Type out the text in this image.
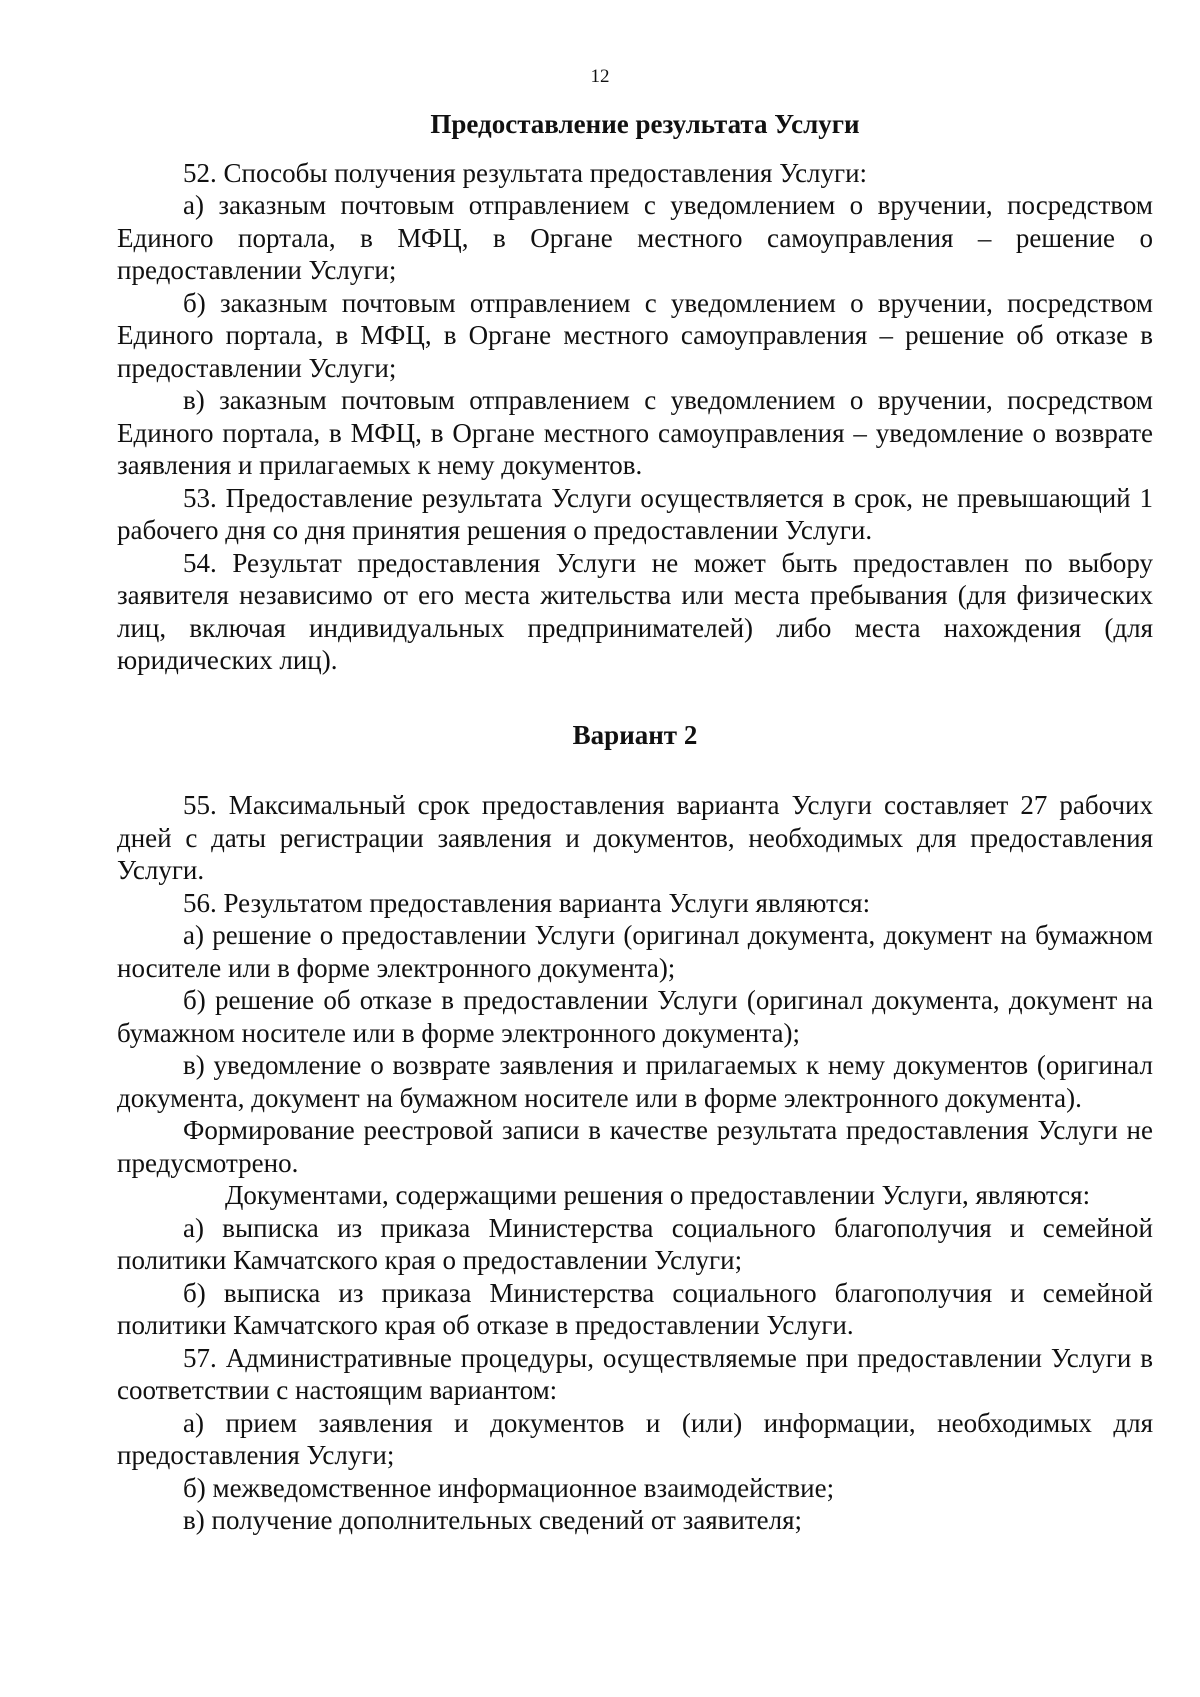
12
Предоставление результата Услуги

52. Способы получения результата предоставления Услуги:

а) заказным почтовым отправлением с уведомлением о вручении, посредством Единого портала, в МФЦ, в Органе местного самоуправления – решение о предоставлении Услуги;

б) заказным почтовым отправлением с уведомлением о вручении, посредством Единого портала, в МФЦ, в Органе местного самоуправления – решение об отказе в предоставлении Услуги;

в) заказным почтовым отправлением с уведомлением о вручении, посредством Единого портала, в МФЦ, в Органе местного самоуправления – уведомление о возврате заявления и прилагаемых к нему документов.

53. Предоставление результата Услуги осуществляется в срок, не превышающий 1 рабочего дня со дня принятия решения о предоставлении Услуги.

54. Результат предоставления Услуги не может быть предоставлен по выбору заявителя независимо от его места жительства или места пребывания (для физических лиц, включая индивидуальных предпринимателей) либо места нахождения (для юридических лиц).

Вариант 2

55. Максимальный срок предоставления варианта Услуги составляет 27 рабочих дней с даты регистрации заявления и документов, необходимых для предоставления Услуги.

56. Результатом предоставления варианта Услуги являются:

а) решение о предоставлении Услуги (оригинал документа, документ на бумажном носителе или в форме электронного документа);

б) решение об отказе в предоставлении Услуги (оригинал документа, документ на бумажном носителе или в форме электронного документа);

в) уведомление о возврате заявления и прилагаемых к нему документов (оригинал документа, документ на бумажном носителе или в форме электронного документа).

Формирование реестровой записи в качестве результата предоставления Услуги не предусмотрено.

Документами, содержащими решения о предоставлении Услуги, являются:

а) выписка из приказа Министерства социального благополучия и семейной политики Камчатского края о предоставлении Услуги;

б) выписка из приказа Министерства социального благополучия и семейной политики Камчатского края об отказе в предоставлении Услуги.

57. Административные процедуры, осуществляемые при предоставлении Услуги в соответствии с настоящим вариантом:

а) прием заявления и документов и (или) информации, необходимых для предоставления Услуги;

б) межведомственное информационное взаимодействие;

в) получение дополнительных сведений от заявителя;
